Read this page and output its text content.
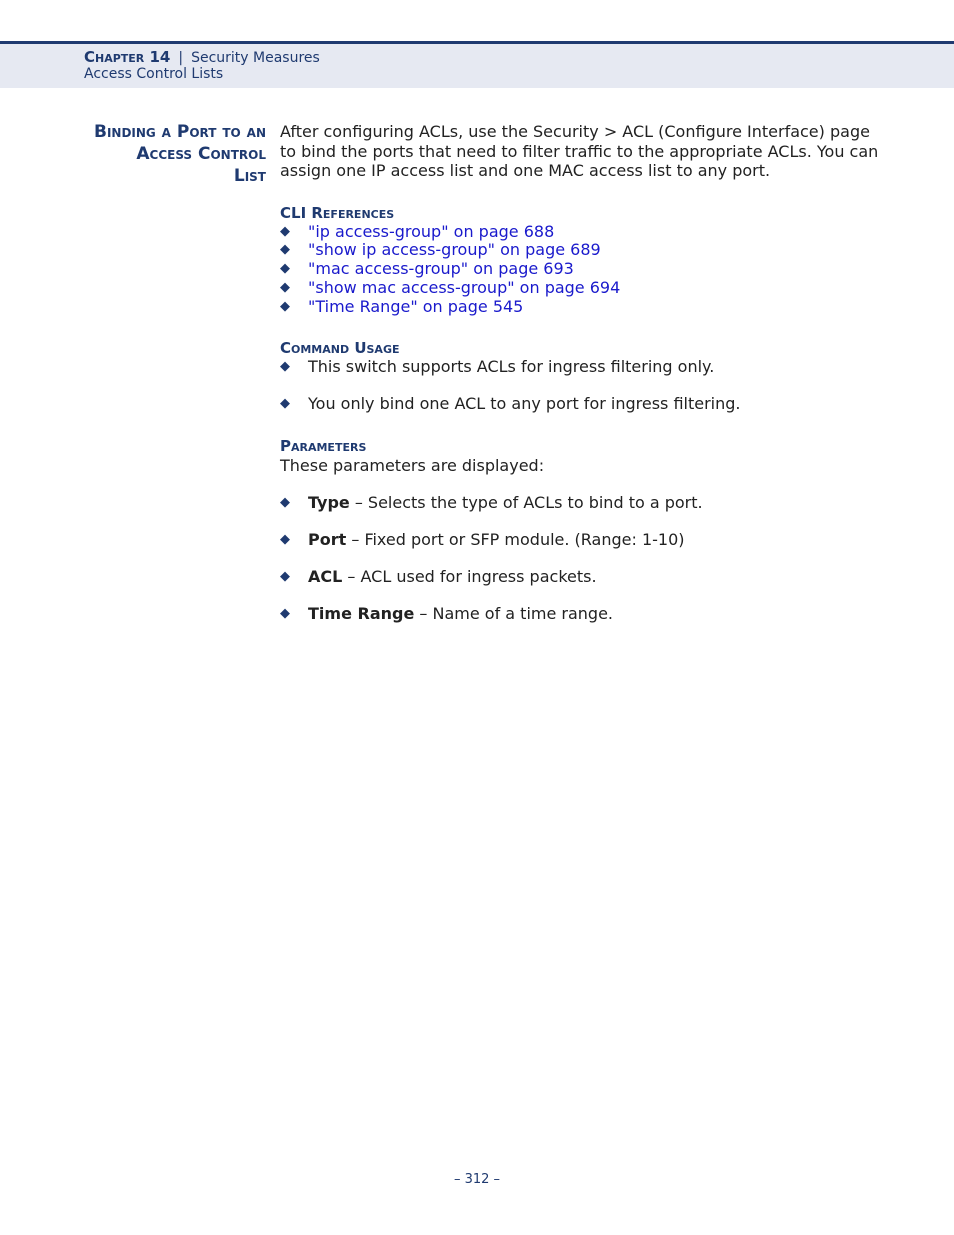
Chapter 14 | Security Measures
Access Control Lists
Binding a Port to an
Access Control
List

After configuring ACLs, use the Security > ACL (Configure Interface) page to bind the ports that need to filter traffic to the appropriate ACLs. You can assign one IP access list and one MAC access list to any port.

CLI References

◆ "ip access-group" on page 688
◆ "show ip access-group" on page 689
◆ "mac access-group" on page 693
◆ "show mac access-group" on page 694
◆ "Time Range" on page 545

Command Usage

◆ This switch supports ACLs for ingress filtering only.
◆ You only bind one ACL to any port for ingress filtering.

Parameters

These parameters are displayed:

◆ Type – Selects the type of ACLs to bind to a port.
◆ Port – Fixed port or SFP module. (Range: 1-10)
◆ ACL – ACL used for ingress packets.
◆ Time Range – Name of a time range.
– 312 –
